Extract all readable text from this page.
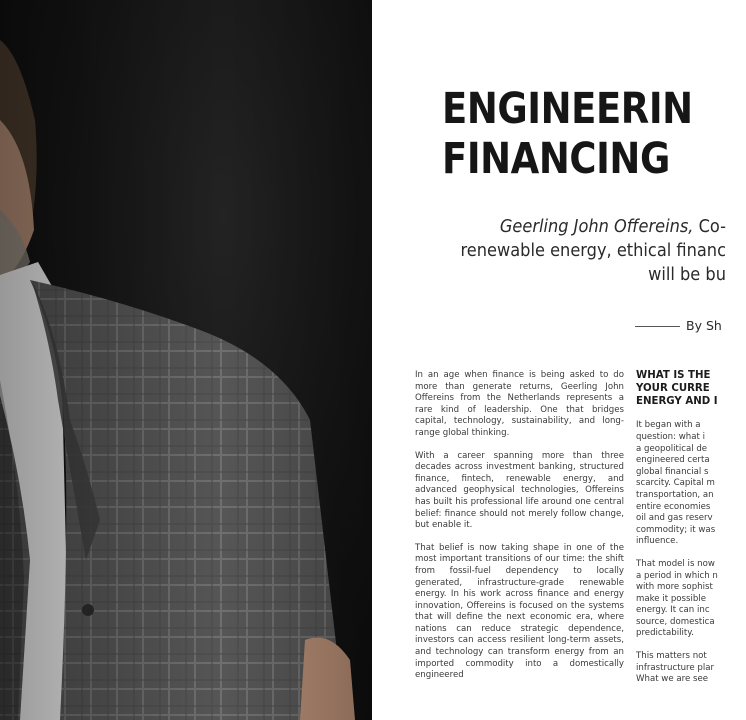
ENGINEERIN
FINANCING
Geerling John Offereins, Co-
renewable energy, ethical financ
will be bu
By Sh

In an age when finance is being asked to do more than generate returns, Geerling John Offereins from the Netherlands represents a rare kind of leadership. One that bridges capital, technology, sustainability, and long-range global thinking.

With a career spanning more than three decades across investment banking, structured finance, fintech, renewable energy, and advanced geophysical technologies, Offereins has built his professional life around one central belief: finance should not merely follow change, but enable it.

That belief is now taking shape in one of the most important transitions of our time: the shift from fossil-fuel dependency to locally generated, infrastructure-grade renewable energy. In his work across finance and energy innovation, Offereins is focused on the systems that will define the next economic era, where nations can reduce strategic dependence, investors can access resilient long-term assets, and technology can transform energy from an imported commodity into a domestically engineered

WHAT IS THE
YOUR CURRE
ENERGY AND I
It began with a
question: what i
a geopolitical de
engineered certa
global financial s
scarcity. Capital m
transportation, an
entire economies
oil and gas reserv
commodity; it was
influence.
That model is now
a period in which n
with more sophist
make it possible
energy. It can inc
source, domestica
predictability.
This matters not
infrastructure plar
What we are see
